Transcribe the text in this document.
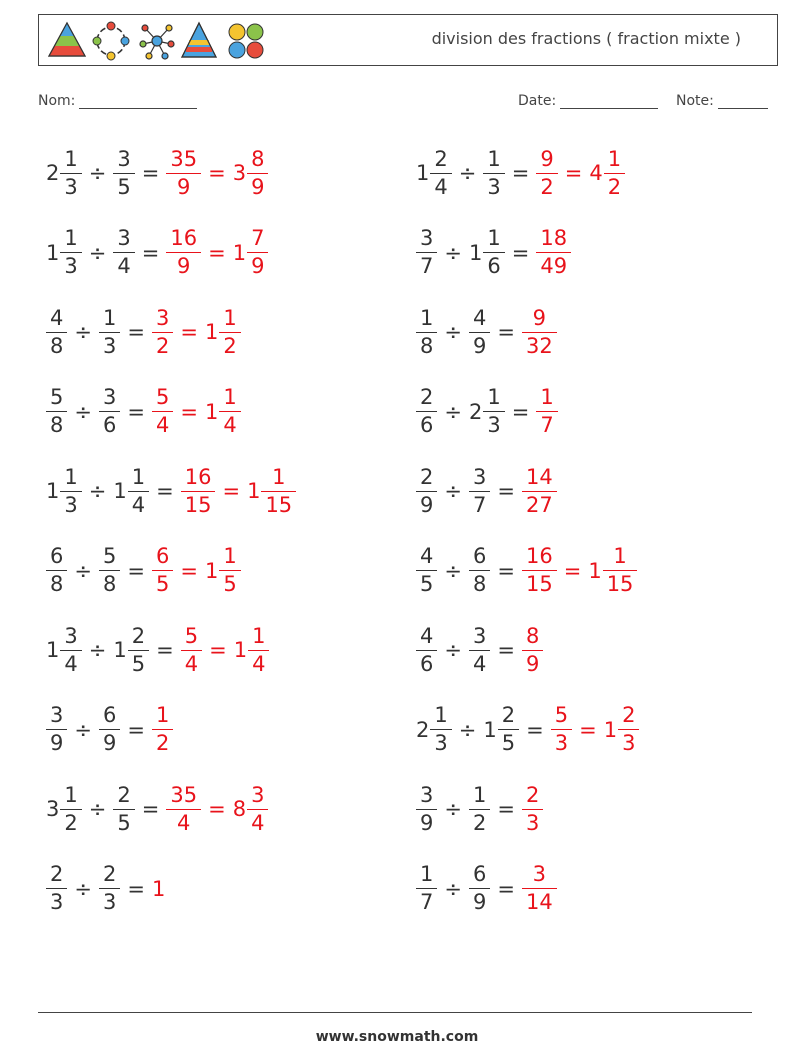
division des fractions ( fraction mixte )
Nom:	Date:	Note:
$2 \frac{1}{3} \div \frac{3}{5} = \frac{35}{9} = 3 \frac{8}{9}$	$1 \frac{2}{4} \div \frac{1}{3} = \frac{9}{2} = 4 \frac{1}{2}$
$1 \frac{1}{3} \div \frac{3}{4} = \frac{16}{9} = 1 \frac{7}{9}$	$\frac{3}{7} \div 1 \frac{1}{6} = \frac{18}{49}$
$\frac{4}{8} \div \frac{1}{3} = \frac{3}{2} = 1 \frac{1}{2}$	$\frac{1}{8} \div \frac{4}{9} = \frac{9}{32}$
$\frac{5}{8} \div \frac{3}{6} = \frac{5}{4} = 1 \frac{1}{4}$	$\frac{2}{6} \div 2 \frac{1}{3} = \frac{1}{7}$
$1 \frac{1}{3} \div 1 \frac{1}{4} = \frac{16}{15} = 1 \frac{1}{15}$	$\frac{2}{9} \div \frac{3}{7} = \frac{14}{27}$
$\frac{6}{8} \div \frac{5}{8} = \frac{6}{5} = 1 \frac{1}{5}$	$\frac{4}{5} \div \frac{6}{8} = \frac{16}{15} = 1 \frac{1}{15}$
$1 \frac{3}{4} \div 1 \frac{2}{5} = \frac{5}{4} = 1 \frac{1}{4}$	$\frac{4}{6} \div \frac{3}{4} = \frac{8}{9}$
$\frac{3}{9} \div \frac{6}{9} = \frac{1}{2}$	$2 \frac{1}{3} \div 1 \frac{2}{5} = \frac{5}{3} = 1 \frac{2}{3}$
$3 \frac{1}{2} \div \frac{2}{5} = \frac{35}{4} = 8 \frac{3}{4}$	$\frac{3}{9} \div \frac{1}{2} = \frac{2}{3}$
$\frac{2}{3} \div \frac{2}{3} = 1$	$\frac{1}{7} \div \frac{6}{9} = \frac{3}{14}$
www.snowmath.com
